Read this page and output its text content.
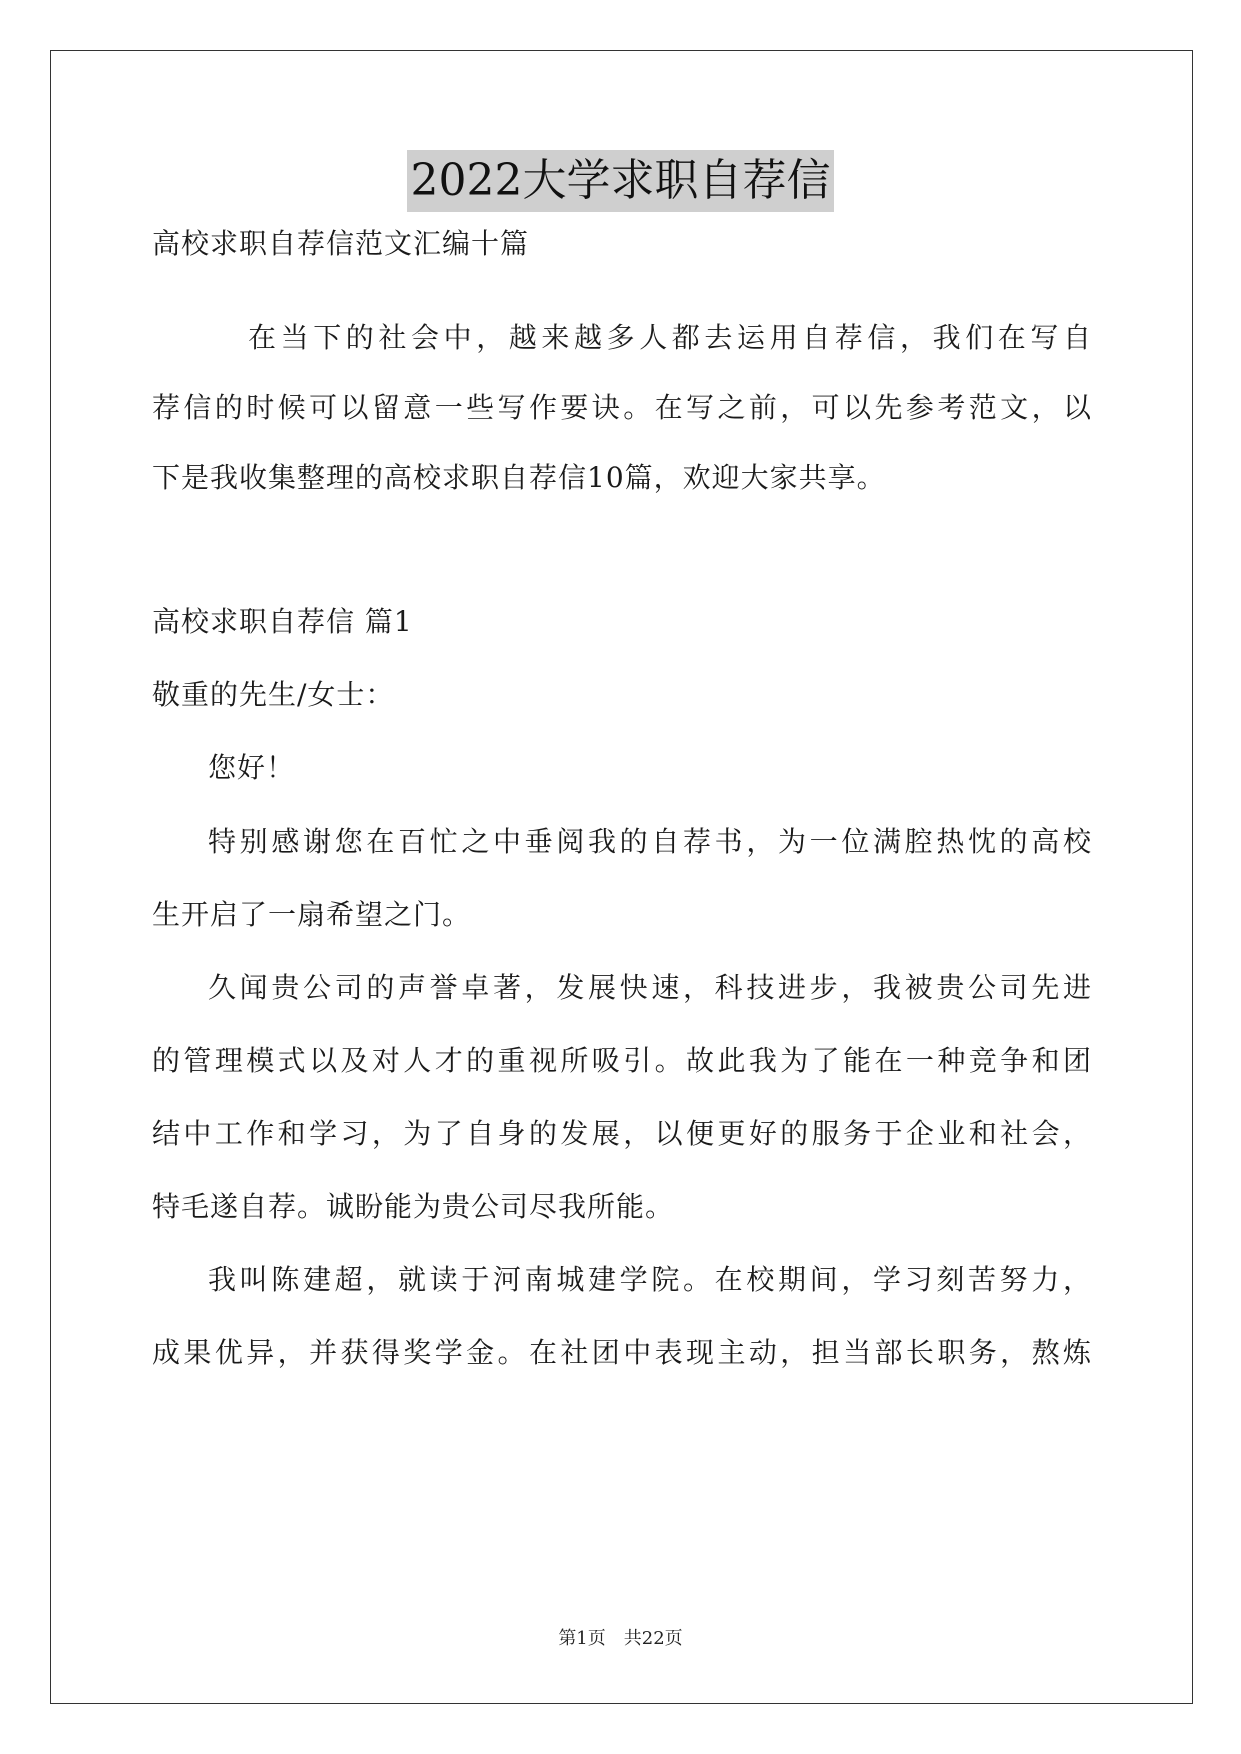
2022大学求职自荐信
高校求职自荐信范文汇编十篇
在当下的社会中，越来越多人都去运用自荐信，我们在写自
荐信的时候可以留意一些写作要诀。在写之前，可以先参考范文，以
下是我收集整理的高校求职自荐信10篇，欢迎大家共享。
高校求职自荐信 篇1
敬重的先生/女士：
您好！
特别感谢您在百忙之中垂阅我的自荐书，为一位满腔热忱的高校
生开启了一扇希望之门。
久闻贵公司的声誉卓著，发展快速，科技进步，我被贵公司先进
的管理模式以及对人才的重视所吸引。故此我为了能在一种竞争和团
结中工作和学习，为了自身的发展，以便更好的服务于企业和社会，
特毛遂自荐。诚盼能为贵公司尽我所能。
我叫陈建超，就读于河南城建学院。在校期间，学习刻苦努力，
成果优异，并获得奖学金。在社团中表现主动，担当部长职务，熬炼
第1页　共22页
